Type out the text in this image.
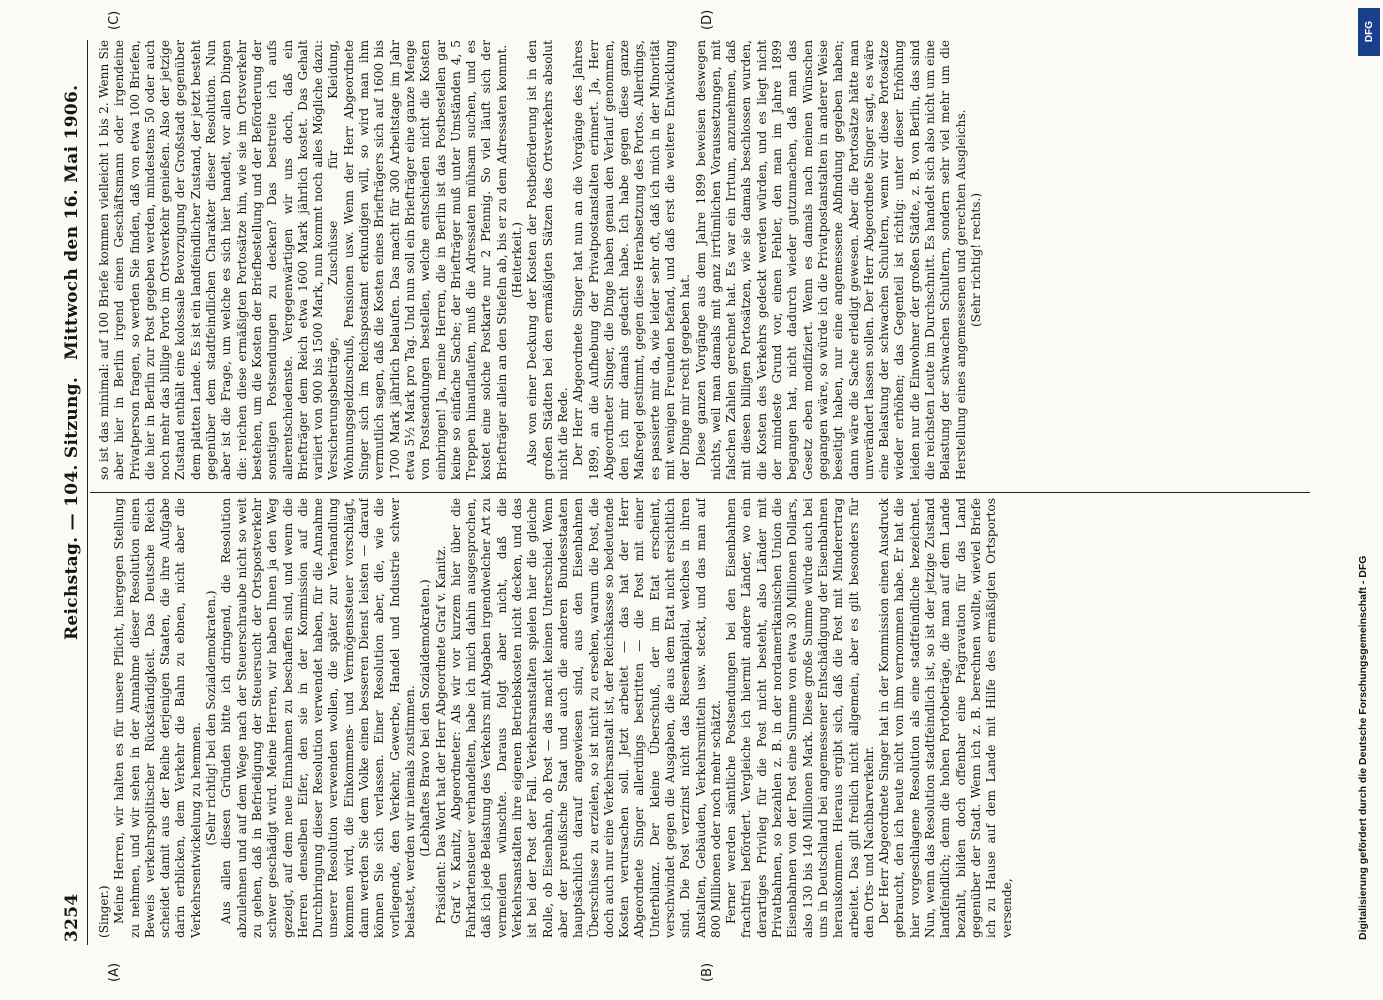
3254
Reichstag. — 104. Sitzung.
Mittwoch den 16. Mai 1906.
(A)	(B)
(C)	(D)

(Singer.) Meine Herren, wir halten es für unsere Pflicht, hiergegen Stellung zu nehmen, und wir sehen in der Annahme dieser Resolution einen Beweis verkehrspolitischer Rückständigkeit. Das Deutsche Reich scheidet damit aus der Reihe derjenigen Staaten, die ihre Aufgabe darin erblicken, dem Verkehr die Bahn zu ebnen, nicht aber die Verkehrsentwickelung zu hemmen. (Sehr richtig! bei den Sozialdemokraten.) Aus allen diesen Gründen bitte ich dringend, die Resolution abzulehnen und auf dem Wege nach der Steuerschraube nicht so weit zu gehen, daß in Befriedigung der Steuersucht der Ortspostverkehr schwer geschädigt wird. Meine Herren, wir haben Ihnen ja den Weg gezeigt, auf dem neue Einnahmen zu beschaffen sind, und wenn die Herren denselben Eifer, den sie in der Kommission auf die Durchbringung dieser Resolution verwendet haben, für die Annahme unserer Resolution verwenden wollen, die später zur Verhandlung kommen wird, die Einkommens- und Vermögenssteuer vorschlägt, dann werden Sie dem Volke einen besseren Dienst leisten — darauf können Sie sich verlassen. Einer Resolution aber, die, wie die vorliegende, den Verkehr, Gewerbe, Handel und Industrie schwer belastet, werden wir niemals zustimmen. (Lebhaftes Bravo bei den Sozialdemokraten.) Präsident: Das Wort hat der Herr Abgeordnete Graf v. Kanitz. Graf v. Kanitz, Abgeordneter: Als wir vor kurzem hier über die Fahrkartensteuer verhandelten, habe ich mich dahin ausgesprochen, daß ich jede Belastung des Verkehrs mit Abgaben irgendwelcher Art zu vermeiden wünschte. Daraus folgt aber nicht, daß die Verkehrsanstalten ihre eigenen Betriebskosten nicht decken, und das ist bei der Post der Fall. Verkehrsanstalten spielen hier die gleiche Rolle, ob Eisenbahn, ob Post — das macht keinen Unterschied. Wenn aber der preußische Staat und auch die anderen Bundesstaaten hauptsächlich darauf angewiesen sind, aus den Eisenbahnen Überschüsse zu erzielen, so ist nicht zu ersehen, warum die Post, die doch auch nur eine Verkehrsanstalt ist, der Reichskasse so bedeutende Kosten verursachen soll. Jetzt arbeitet — das hat der Herr Abgeordnete Singer allerdings bestritten — die Post mit einer Unterbilanz. Der kleine Überschuß, der im Etat erscheint, verschwindet gegen die Ausgaben, die aus dem Etat nicht ersichtlich sind. Die Post verzinst nicht das Riesenkapital, welches in ihren Anstalten, Gebäuden, Verkehrsmitteln usw. steckt, und das man auf 800 Millionen oder noch mehr schätzt. Ferner werden sämtliche Postsendungen bei den Eisenbahnen frachtfrei befördert. Vergleiche ich hiermit andere Länder, wo ein derartiges Privileg für die Post nicht besteht, also Länder mit Privatbahnen, so bezahlen z. B. in der nordamerikanischen Union die Eisenbahnen von der Post eine Summe von etwa 30 Millionen Dollars, also 130 bis 140 Millionen Mark. Diese große Summe würde auch bei uns in Deutschland bei angemessener Entschädigung der Eisenbahnen herauskommen. Hieraus ergibt sich, daß die Post mit Minderertrag arbeitet. Das gilt freilich nicht allgemein, aber es gilt besonders für den Orts- und Nachbarverkehr. Der Herr Abgeordnete Singer hat in der Kommission einen Ausdruck gebraucht, den ich heute nicht von ihm vernommen habe. Er hat die hier vorgeschlagene Resolution als eine stadtfeindliche bezeichnet. Nun, wenn das Resolution stadtfeindlich ist, so ist der jetzige Zustand landfeindlich; denn die hohen Portobeträge, die man auf dem Lande bezahlt, bilden doch offenbar eine Prägravation für das Land gegenüber der Stadt. Wenn ich z. B. berechnen wollte, wieviel Briefe ich zu Hause auf dem Lande mit Hilfe des ermäßigten Ortsportos versende,

so ist das minimal: auf 100 Briefe kommen vielleicht 1 bis 2. Wenn Sie aber hier in Berlin irgend einen Geschäftsmann oder irgendeine Privatperson fragen, so werden Sie finden, daß von etwa 100 Briefen, die hier in Berlin zur Post gegeben werden, mindestens 50 oder auch noch mehr das billige Porto im Ortsverkehr genießen. Also der jetzige Zustand enthält eine kolossale Bevorzugung der Großstadt gegenüber dem platten Lande. Es ist ein landfeindlicher Zustand, der jetzt besteht gegenüber dem stadtfeindlichen Charakter dieser Resolution. Nun aber ist die Frage, um welche es sich hier handelt, vor allen Dingen die: reichen diese ermäßigten Portosätze hin, wie sie im Ortsverkehr bestehen, um die Kosten der Briefbestellung und der Beförderung der sonstigen Postsendungen zu decken? Das bestreite ich aufs allerentschiedenste. Vergegenwärtigen wir uns doch, daß ein Briefträger dem Reich etwa 1600 Mark jährlich kostet. Das Gehalt variiert von 900 bis 1500 Mark, nun kommt noch alles Mögliche dazu: Versicherungsbeiträge, Zuschüsse für Kleidung, Wohnungsgeldzuschuß, Pensionen usw. Wenn der Herr Abgeordnete Singer sich im Reichspostamt erkundigen will, so wird man ihm vermutlich sagen, daß die Kosten eines Briefträgers sich auf 1600 bis 1700 Mark jährlich belaufen. Das macht für 300 Arbeitstage im Jahr etwa 5½ Mark pro Tag. Und nun soll ein Briefträger eine ganze Menge von Postsendungen bestellen, welche entschieden nicht die Kosten einbringen! Ja, meine Herren, die in Berlin ist das Postbestellen gar keine so einfache Sache; der Briefträger muß unter Umständen 4, 5 Treppen hinauflaufen, muß die Adressaten mühsam suchen, und es kostet eine solche Postkarte nur 2 Pfennig. So viel läuft sich der Briefträger allein an den Stiefeln ab, bis er zu dem Adressaten kommt. (Heiterkeit.) Also von einer Deckung der Kosten der Postbeförderung ist in den großen Städten bei den ermäßigten Sätzen des Ortsverkehrs absolut nicht die Rede. Der Herr Abgeordnete Singer hat nun an die Vorgänge des Jahres 1899, an die Aufhebung der Privatpostanstalten erinnert. Ja, Herr Abgeordneter Singer, die Dinge haben genau den Verlauf genommen, den ich mir damals gedacht habe. Ich habe gegen diese ganze Maßregel gestimmt, gegen diese Herabsetzung des Portos. Allerdings, es passierte mir da, wie leider sehr oft, daß ich mich in der Minorität mit wenigen Freunden befand, und daß erst die weitere Entwicklung der Dinge mir recht gegeben hat. Diese ganzen Vorgänge aus dem Jahre 1899 beweisen deswegen nichts, weil man damals mit ganz irrtümlichen Voraussetzungen, mit falschen Zahlen gerechnet hat. Es war ein Irrtum, anzunehmen, daß mit diesen billigen Portosätzen, wie sie damals beschlossen wurden, die Kosten des Verkehrs gedeckt werden würden, und es liegt nicht der mindeste Grund vor, einen Fehler, den man im Jahre 1899 begangen hat, nicht dadurch wieder gutzumachen, daß man das Gesetz eben modifiziert. Wenn es damals nach meinen Wünschen gegangen wäre, so würde ich die Privatpostanstalten in anderer Weise beseitigt haben, nur eine angemessene Abfindung gegeben haben; dann wäre die Sache erledigt gewesen. Aber die Portosätze hätte man unverändert lassen sollen. Der Herr Abgeordnete Singer sagt, es wäre eine Belastung der schwachen Schultern, wenn wir diese Portosätze wieder erhöhen; das Gegenteil ist richtig: unter dieser Erhöhung leiden nur die Einwohner der großen Städte, z. B. von Berlin, das sind die reichsten Leute im Durchschnitt. Es handelt sich also nicht um eine Belastung der schwachen Schultern, sondern sehr viel mehr um die Herstellung eines angemessenen und gerechten Ausgleichs. (Sehr richtig! rechts.)

DFG
Digitalisierung gefördert durch die Deutsche Forschungsgemeinschaft - DFG
